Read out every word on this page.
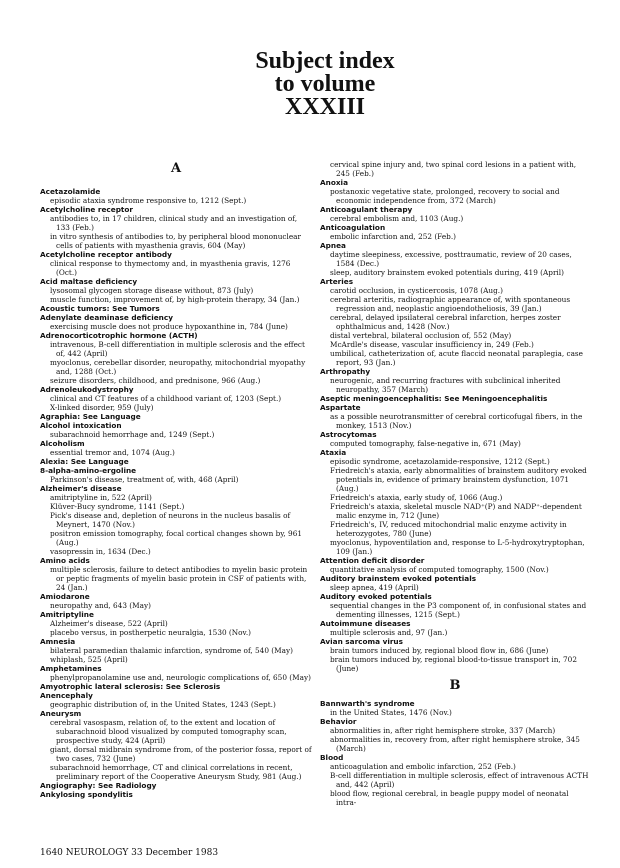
Subject index
to volume
XXXIII
A
Acetazolamide
episodic ataxia syndrome responsive to, 1212 (Sept.)
Acetylcholine receptor
antibodies to, in 17 children, clinical study and an investigation of, 133 (Feb.)
in vitro synthesis of antibodies to, by peripheral blood mononuclear cells of patients with myasthenia gravis, 604 (May)
Acetylcholine receptor antibody
clinical response to thymectomy and, in myasthenia gravis, 1276 (Oct.)
Acid maltase deficiency
lysosomal glycogen storage disease without, 873 (July)
muscle function, improvement of, by high-protein therapy, 34 (Jan.)
Acoustic tumors: See Tumors
Adenylate deaminase deficiency
exercising muscle does not produce hypoxanthine in, 784 (June)
Adrenocorticotrophic hormone (ACTH)
intravenous, B-cell differentiation in multiple sclerosis and the effect of, 442 (April)
myoclonus, cerebellar disorder, neuropathy, mitochondrial myopathy and, 1288 (Oct.)
seizure disorders, childhood, and prednisone, 966 (Aug.)
Adrenoleukodystrophy
clinical and CT features of a childhood variant of, 1203 (Sept.)
X-linked disorder, 959 (July)
Agraphia: See Language
Alcohol intoxication
subarachnoid hemorrhage and, 1249 (Sept.)
Alcoholism
essential tremor and, 1074 (Aug.)
Alexia: See Language
8-alpha-amino-ergoline
Parkinson's disease, treatment of, with, 468 (April)
Alzheimer's disease
amitriptyline in, 522 (April)
Klüver-Bucy syndrome, 1141 (Sept.)
Pick's disease and, depletion of neurons in the nucleus basalis of Meynert, 1470 (Nov.)
positron emission tomography, focal cortical changes shown by, 961 (Aug.)
vasopressin in, 1634 (Dec.)
Amino acids
multiple sclerosis, failure to detect antibodies to myelin basic protein or peptic fragments of myelin basic protein in CSF of patients with, 24 (Jan.)
Amiodarone
neuropathy and, 643 (May)
Amitriptyline
Alzheimer's disease, 522 (April)
placebo versus, in postherpetic neuralgia, 1530 (Nov.)
Amnesia
bilateral paramedian thalamic infarction, syndrome of, 540 (May)
whiplash, 525 (April)
Amphetamines
phenylpropanolamine use and, neurologic complications of, 650 (May)
Amyotrophic lateral sclerosis: See Sclerosis
Anencephaly
geographic distribution of, in the United States, 1243 (Sept.)
Aneurysm
cerebral vasospasm, relation of, to the extent and location of subarachnoid blood visualized by computed tomography scan, prospective study, 424 (April)
giant, dorsal midbrain syndrome from, of the posterior fossa, report of two cases, 732 (June)
subarachnoid hemorrhage, CT and clinical correlations in recent, preliminary report of the Cooperative Aneurysm Study, 981 (Aug.)
Angiography: See Radiology
Ankylosing spondylitis
cervical spine injury and, two spinal cord lesions in a patient with, 245 (Feb.)
Anoxia
postanoxic vegetative state, prolonged, recovery to social and economic independence from, 372 (March)
Anticoagulant therapy
cerebral embolism and, 1103 (Aug.)
Anticoagulation
embolic infarction and, 252 (Feb.)
Apnea
daytime sleepiness, excessive, posttraumatic, review of 20 cases, 1584 (Dec.)
sleep, auditory brainstem evoked potentials during, 419 (April)
Arteries
carotid occlusion, in cysticercosis, 1078 (Aug.)
cerebral arteritis, radiographic appearance of, with spontaneous regression and, neoplastic angioendotheliosis, 39 (Jan.)
cerebral, delayed ipsilateral cerebral infarction, herpes zoster ophthalmicus and, 1428 (Nov.)
distal vertebral, bilateral occlusion of, 552 (May)
McArdle's disease, vascular insufficiency in, 249 (Feb.)
umbilical, catheterization of, acute flaccid neonatal paraplegia, case report, 93 (Jan.)
Arthropathy
neurogenic, and recurring fractures with subclinical inherited neuropathy, 357 (March)
Aseptic meningoencephalitis: See Meningoencephalitis
Aspartate
as a possible neurotransmitter of cerebral corticofugal fibers, in the monkey, 1513 (Nov.)
Astrocytomas
computed tomography, false-negative in, 671 (May)
Ataxia
episodic syndrome, acetazolamide-responsive, 1212 (Sept.)
Friedreich's ataxia, early abnormalities of brainstem auditory evoked potentials in, evidence of primary brainstem dysfunction, 1071 (Aug.)
Friedreich's ataxia, early study of, 1066 (Aug.)
Friedreich's ataxia, skeletal muscle NAD⁺(P) and NADP⁺-dependent malic enzyme in, 712 (June)
Friedreich's, IV, reduced mitochondrial malic enzyme activity in heterozygotes, 780 (June)
myoclonus, hypoventilation and, response to L-5-hydroxytryptophan, 109 (Jan.)
Attention deficit disorder
quantitative analysis of computed tomography, 1500 (Nov.)
Auditory brainstem evoked potentials
sleep apnea, 419 (April)
Auditory evoked potentials
sequential changes in the P3 component of, in confusional states and dementing illnesses, 1215 (Sept.)
Autoimmune diseases
multiple sclerosis and, 97 (Jan.)
Avian sarcoma virus
brain tumors induced by, regional blood flow in, 686 (June)
brain tumors induced by, regional blood-to-tissue transport in, 702 (June)
B
Bannwarth's syndrome
in the United States, 1476 (Nov.)
Behavior
abnormalities in, after right hemisphere stroke, 337 (March)
abnormalities in, recovery from, after right hemisphere stroke, 345 (March)
Blood
anticoagulation and embolic infarction, 252 (Feb.)
B-cell differentiation in multiple sclerosis, effect of intravenous ACTH and, 442 (April)
blood flow, regional cerebral, in beagle puppy model of neonatal intra-
1640 NEUROLOGY 33 December 1983
